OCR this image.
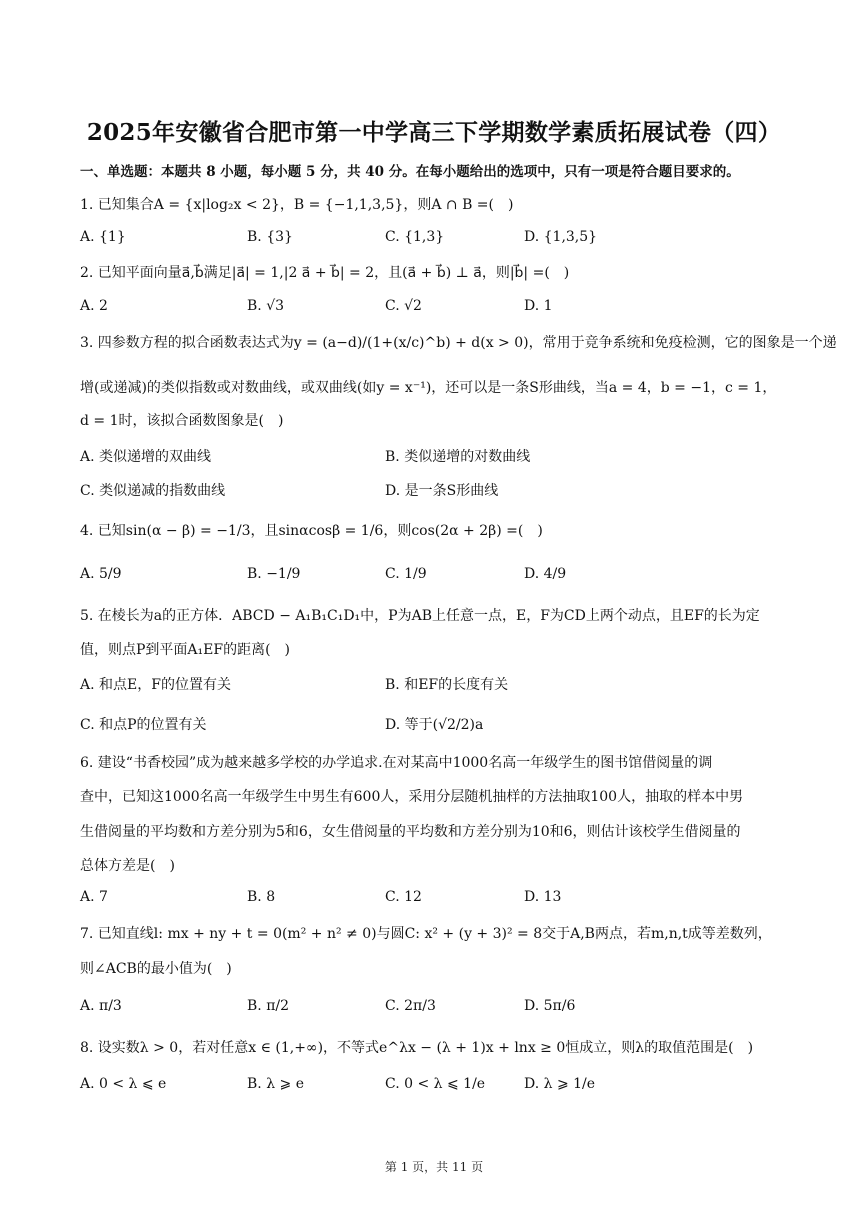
2025年安徽省合肥市第一中学高三下学期数学素质拓展试卷（四）
一、单选题：本题共 8 小题，每小题 5 分，共 40 分。在每小题给出的选项中，只有一项是符合题目要求的。
1. 已知集合A = {x|log₂x < 2}，B = {−1,1,3,5}，则A ∩ B =(　)
A. {1}	B. {3}	C. {1,3}	D. {1,3,5}
2. 已知平面向量a⃗,b⃗满足|a⃗| = 1,|2 a⃗ + b⃗| = 2，且(a⃗ + b⃗) ⊥ a⃗，则|b⃗| =(　)
A. 2	B. √3	C. √2	D. 1
3. 四参数方程的拟合函数表达式为y = (a−d)/(1+(x/c)^b) + d(x > 0)，常用于竞争系统和免疫检测，它的图象是一个递
增(或递减)的类似指数或对数曲线，或双曲线(如y = x⁻¹)，还可以是一条S形曲线，当a = 4，b = −1，c = 1，
d = 1时，该拟合函数图象是(　)
A. 类似递增的双曲线	B. 类似递增的对数曲线
C. 类似递减的指数曲线	D. 是一条S形曲线
4. 已知sin(α − β) = −1/3，且sinαcosβ = 1/6，则cos(2α + 2β) =(　)
A. 5/9	B. −1/9	C. 1/9	D. 4/9
5. 在棱长为a的正方体．ABCD − A₁B₁C₁D₁中，P为AB上任意一点，E，F为CD上两个动点，且EF的长为定
值，则点P到平面A₁EF的距离(　)
A. 和点E，F的位置有关	B. 和EF的长度有关
C. 和点P的位置有关	D. 等于(√2/2)a
6. 建设“书香校园”成为越来越多学校的办学追求.在对某高中1000名高一年级学生的图书馆借阅量的调
查中，已知这1000名高一年级学生中男生有600人，采用分层随机抽样的方法抽取100人，抽取的样本中男
生借阅量的平均数和方差分别为5和6，女生借阅量的平均数和方差分别为10和6，则估计该校学生借阅量的
总体方差是(　)
A. 7	B. 8	C. 12	D. 13
7. 已知直线l: mx + ny + t = 0(m² + n² ≠ 0)与圆C: x² + (y + 3)² = 8交于A,B两点，若m,n,t成等差数列，
则∠ACB的最小值为(　)
A. π/3	B. π/2	C. 2π/3	D. 5π/6
8. 设实数λ > 0，若对任意x ∈ (1,+∞)，不等式e^λx − (λ + 1)x + lnx ≥ 0恒成立，则λ的取值范围是(　)
A. 0 < λ ⩽ e	B. λ ⩾ e	C. 0 < λ ⩽ 1/e	D. λ ⩾ 1/e
第 1 页，共 11 页
